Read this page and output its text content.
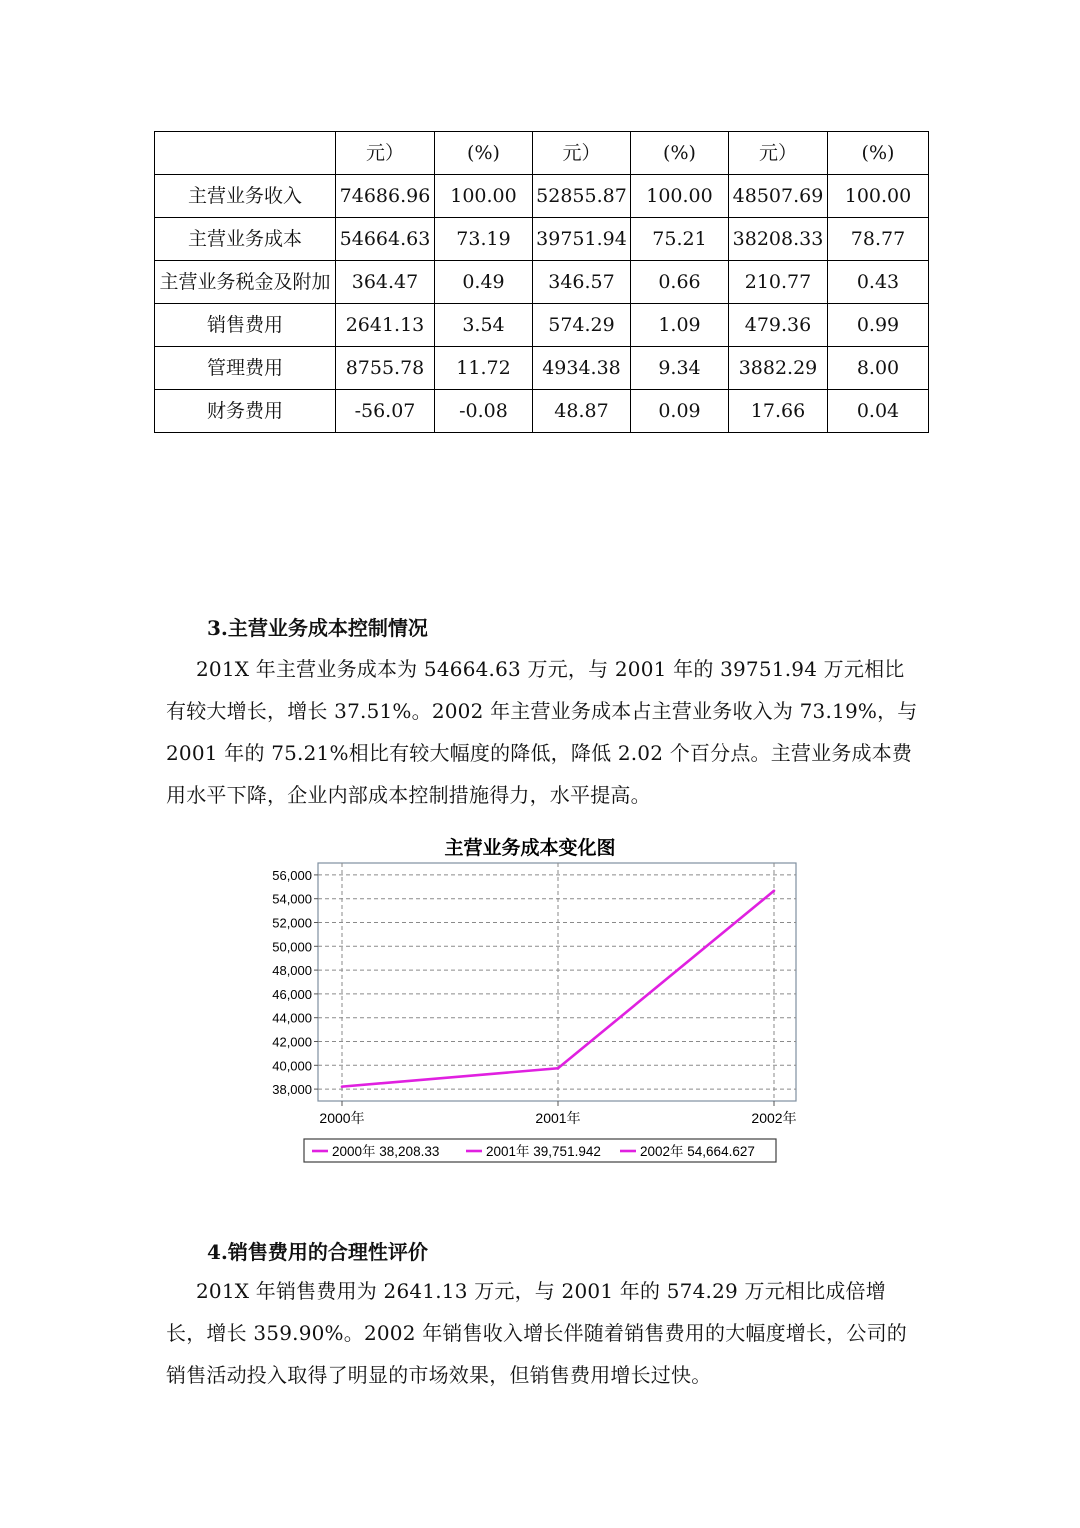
	元）	(%)	元）	(%)	元）	(%)
主营业务收入	74686.96	100.00	52855.87	100.00	48507.69	100.00
主营业务成本	54664.63	73.19	39751.94	75.21	38208.33	78.77
主营业务税金及附加	364.47	0.49	346.57	0.66	210.77	0.43
销售费用	2641.13	3.54	574.29	1.09	479.36	0.99
管理费用	8755.78	11.72	4934.38	9.34	3882.29	8.00
财务费用	-56.07	-0.08	48.87	0.09	17.66	0.04
3.主营业务成本控制情况
201X 年主营业务成本为 54664.63 万元，与 2001 年的 39751.94 万元相比有较大增长，增长 37.51%。2002 年主营业务成本占主营业务收入为 73.19%，与 2001 年的 75.21%相比有较大幅度的降低，降低 2.02 个百分点。主营业务成本费用水平下降，企业内部成本控制措施得力，水平提高。
主营业务成本变化图
38,000
40,000
42,000
44,000
46,000
48,000
50,000
52,000
54,000
56,000
2000年	2001年	2002年
2000年 38,208.33	2001年 39,751.942	2002年 54,664.627
4.销售费用的合理性评价
201X 年销售费用为 2641.13 万元，与 2001 年的 574.29 万元相比成倍增长，增长 359.90%。2002 年销售收入增长伴随着销售费用的大幅度增长，公司的销售活动投入取得了明显的市场效果，但销售费用增长过快。
